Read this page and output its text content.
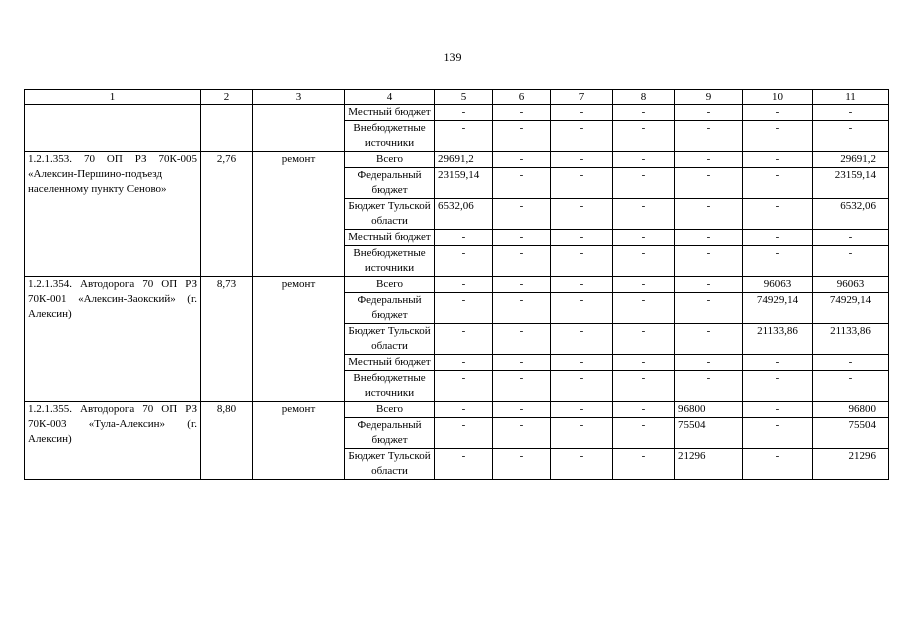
139
1	2	3	4	5	6	7	8	9	10	11
			Местный бюджет	-	-	-	-	-	-	-
			Внебюджетные источники	-	-	-	-	-	-	-

1.2.1.353. 70 ОП РЗ 70К-005 «Алексин-Першино-подъезд населенному пункту Сеново»	2,76	ремонт	Всего	29691,2	-	-	-	-	-	29691,2
			Федеральный бюджет	23159,14	-	-	-	-	-	23159,14
			Бюджет Тульской области	6532,06	-	-	-	-	-	6532,06
			Местный бюджет	-	-	-	-	-	-	-
			Внебюджетные источники	-	-	-	-	-	-	-

1.2.1.354. Автодорога 70 ОП РЗ 70К-001 «Алексин-Заокский» (г. Алексин)	8,73	ремонт	Всего	-	-	-	-	-	96063	96063
			Федеральный бюджет	-	-	-	-	-	74929,14	74929,14
			Бюджет Тульской области	-	-	-	-	-	21133,86	21133,86
			Местный бюджет	-	-	-	-	-	-	-
			Внебюджетные источники	-	-	-	-	-	-	-

1.2.1.355. Автодорога 70 ОП РЗ 70К-003 «Тула-Алексин» (г. Алексин)	8,80	ремонт	Всего	-	-	-	-	96800	-	96800
			Федеральный бюджет	-	-	-	-	75504	-	75504
			Бюджет Тульской области	-	-	-	-	21296	-	21296
